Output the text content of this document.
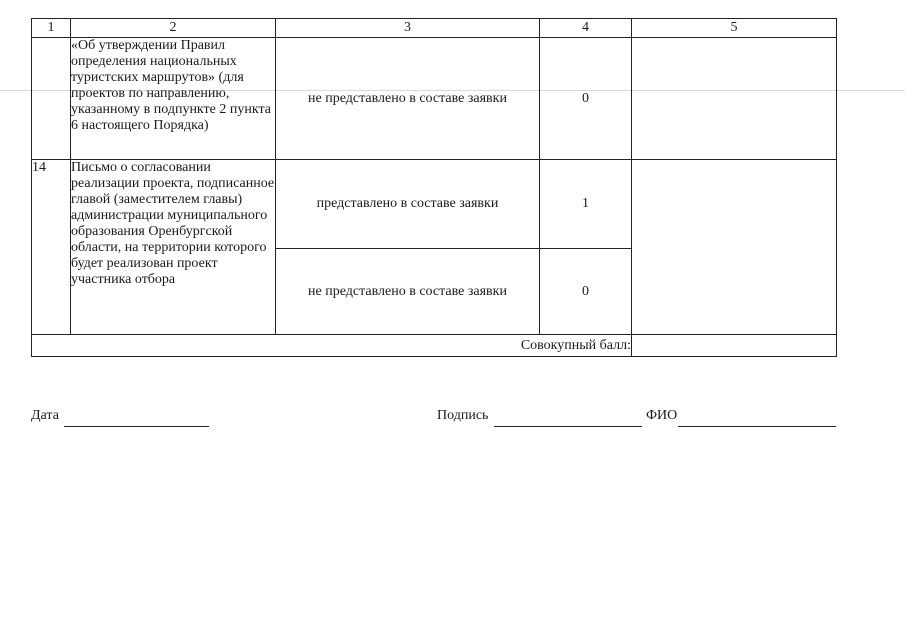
1	2	3	4	5
	«Об утверждении Правил определения национальных туристских маршрутов» (для проектов по направлению, указанному в подпункте 2 пункта 6 настоящего Порядка)	не представлено в составе заявки	0	
14	Письмо о согласовании реализации проекта, подписанное главой (заместителем главы) администрации муниципального образования Оренбургской области, на территории которого будет реализован проект участника отбора	представлено в составе заявки	1	
		не представлено в составе заявки	0	
Совокупный балл:				
Дата	Подпись	ФИО
